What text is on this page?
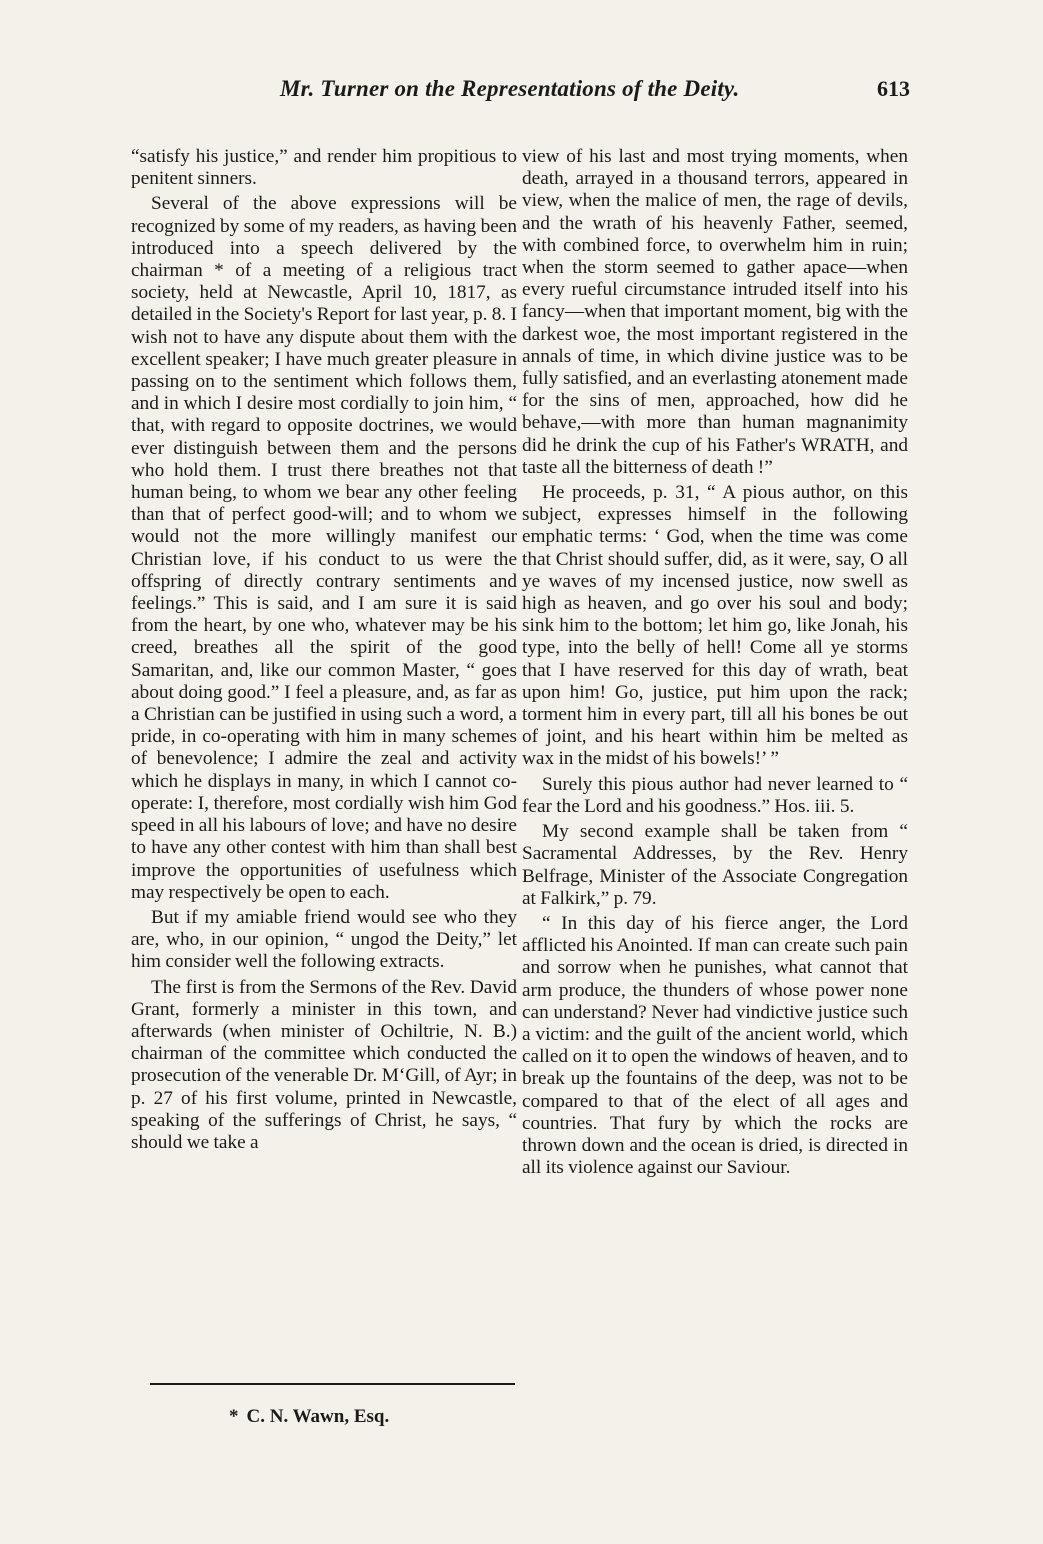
Mr. Turner on the Representations of the Deity.	613

“satisfy his justice,” and render him propitious to penitent sinners.

Several of the above expressions will be recognized by some of my readers, as having been introduced into a speech delivered by the chairman * of a meeting of a religious tract society, held at Newcastle, April 10, 1817, as detailed in the Society's Report for last year, p. 8. I wish not to have any dispute about them with the excellent speaker; I have much greater pleasure in passing on to the sentiment which follows them, and in which I desire most cordially to join him, “ that, with regard to opposite doctrines, we would ever distinguish between them and the persons who hold them. I trust there breathes not that human being, to whom we bear any other feeling than that of perfect good-will; and to whom we would not the more willingly manifest our Christian love, if his conduct to us were the offspring of directly contrary sentiments and feelings.” This is said, and I am sure it is said from the heart, by one who, whatever may be his creed, breathes all the spirit of the good Samaritan, and, like our common Master, “ goes about doing good.” I feel a pleasure, and, as far as a Christian can be justified in using such a word, a pride, in co-operating with him in many schemes of benevolence; I admire the zeal and activity which he displays in many, in which I cannot co-operate: I, therefore, most cordially wish him God speed in all his labours of love; and have no desire to have any other contest with him than shall best improve the opportunities of usefulness which may respectively be open to each.

But if my amiable friend would see who they are, who, in our opinion, “ ungod the Deity,” let him consider well the following extracts.

The first is from the Sermons of the Rev. David Grant, formerly a minister in this town, and afterwards (when minister of Ochiltrie, N. B.) chairman of the committee which conducted the prosecution of the venerable Dr. M‘Gill, of Ayr; in p. 27 of his first volume, printed in Newcastle, speaking of the sufferings of Christ, he says, “ should we take a

view of his last and most trying moments, when death, arrayed in a thousand terrors, appeared in view, when the malice of men, the rage of devils, and the wrath of his heavenly Father, seemed, with combined force, to overwhelm him in ruin; when the storm seemed to gather apace—when every rueful circumstance intruded itself into his fancy—when that important moment, big with the darkest woe, the most important registered in the annals of time, in which divine justice was to be fully satisfied, and an everlasting atonement made for the sins of men, approached, how did he behave,—with more than human magnanimity did he drink the cup of his Father's WRATH, and taste all the bitterness of death !”

He proceeds, p. 31, “ A pious author, on this subject, expresses himself in the following emphatic terms: ‘ God, when the time was come that Christ should suffer, did, as it were, say, O all ye waves of my incensed justice, now swell as high as heaven, and go over his soul and body; sink him to the bottom; let him go, like Jonah, his type, into the belly of hell! Come all ye storms that I have reserved for this day of wrath, beat upon him! Go, justice, put him upon the rack; torment him in every part, till all his bones be out of joint, and his heart within him be melted as wax in the midst of his bowels!’ ”

Surely this pious author had never learned to “ fear the Lord and his goodness.” Hos. iii. 5.

My second example shall be taken from “ Sacramental Addresses, by the Rev. Henry Belfrage, Minister of the Associate Congregation at Falkirk,” p. 79.

“ In this day of his fierce anger, the Lord afflicted his Anointed. If man can create such pain and sorrow when he punishes, what cannot that arm produce, the thunders of whose power none can understand? Never had vindictive justice such a victim: and the guilt of the ancient world, which called on it to open the windows of heaven, and to break up the fountains of the deep, was not to be compared to that of the elect of all ages and countries. That fury by which the rocks are thrown down and the ocean is dried, is directed in all its violence against our Saviour.

* C. N. Wawn, Esq.
